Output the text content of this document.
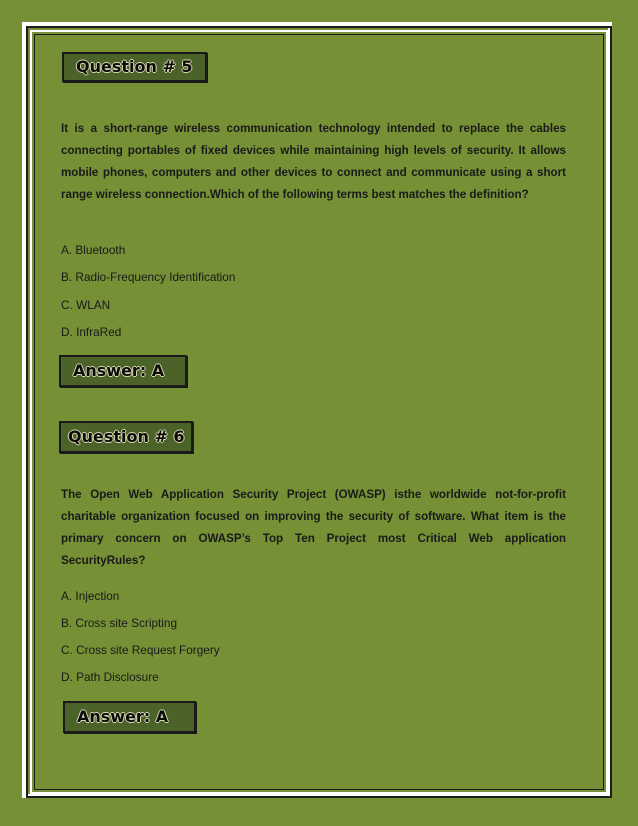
Question # 5
It is a short-range wireless communication technology intended to replace the cables connecting portables of fixed devices while maintaining high levels of security. It allows mobile phones, computers and other devices to connect and communicate using a short range wireless connection.Which of the following terms best matches the definition?
A. Bluetooth
B. Radio-Frequency Identification
C. WLAN
D. InfraRed
Answer: A
Question # 6
The Open Web Application Security Project (OWASP) isthe worldwide not-for-profit charitable organization focused on improving the security of software. What item is the primary concern on OWASP’s Top Ten Project most Critical Web application SecurityRules?
A. Injection
B. Cross site Scripting
C. Cross site Request Forgery
D. Path Disclosure
Answer: A
